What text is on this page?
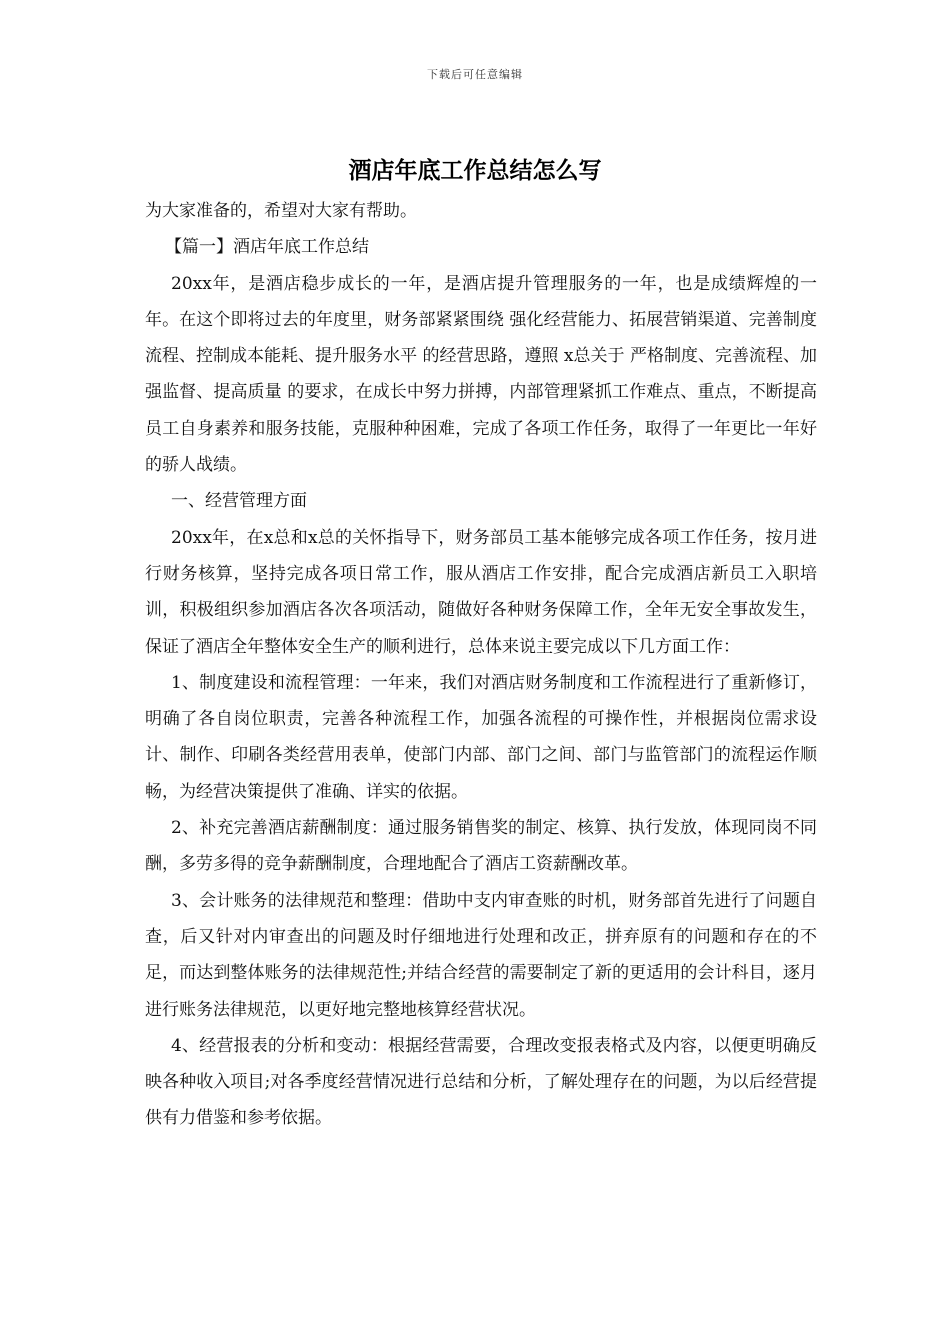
下载后可任意编辑
酒店年底工作总结怎么写

为大家准备的，希望对大家有帮助。

【篇一】酒店年底工作总结

20xx年，是酒店稳步成长的一年，是酒店提升管理服务的一年，也是成绩辉煌的一年。在这个即将过去的年度里，财务部紧紧围绕 强化经营能力、拓展营销渠道、完善制度流程、控制成本能耗、提升服务水平 的经营思路，遵照 x总关于 严格制度、完善流程、加强监督、提高质量 的要求，在成长中努力拼搏，内部管理紧抓工作难点、重点，不断提高员工自身素养和服务技能，克服种种困难，完成了各项工作任务，取得了一年更比一年好的骄人战绩。

一、经营管理方面

20xx年，在x总和x总的关怀指导下，财务部员工基本能够完成各项工作任务，按月进行财务核算，坚持完成各项日常工作，服从酒店工作安排，配合完成酒店新员工入职培训，积极组织参加酒店各次各项活动，随做好各种财务保障工作，全年无安全事故发生，保证了酒店全年整体安全生产的顺利进行，总体来说主要完成以下几方面工作：

1、制度建设和流程管理：一年来，我们对酒店财务制度和工作流程进行了重新修订，明确了各自岗位职责，完善各种流程工作，加强各流程的可操作性，并根据岗位需求设计、制作、印刷各类经营用表单，使部门内部、部门之间、部门与监管部门的流程运作顺畅，为经营决策提供了准确、详实的依据。

2、补充完善酒店薪酬制度：通过服务销售奖的制定、核算、执行发放，体现同岗不同酬，多劳多得的竞争薪酬制度，合理地配合了酒店工资薪酬改革。

3、会计账务的法律规范和整理：借助中支内审查账的时机，财务部首先进行了问题自查，后又针对内审查出的问题及时仔细地进行处理和改正，拼弃原有的问题和存在的不足，而达到整体账务的法律规范性;并结合经营的需要制定了新的更适用的会计科目，逐月进行账务法律规范，以更好地完整地核算经营状况。

4、经营报表的分析和变动：根据经营需要，合理改变报表格式及内容，以便更明确反映各种收入项目;对各季度经营情况进行总结和分析，了解处理存在的问题，为以后经营提供有力借鉴和参考依据。
